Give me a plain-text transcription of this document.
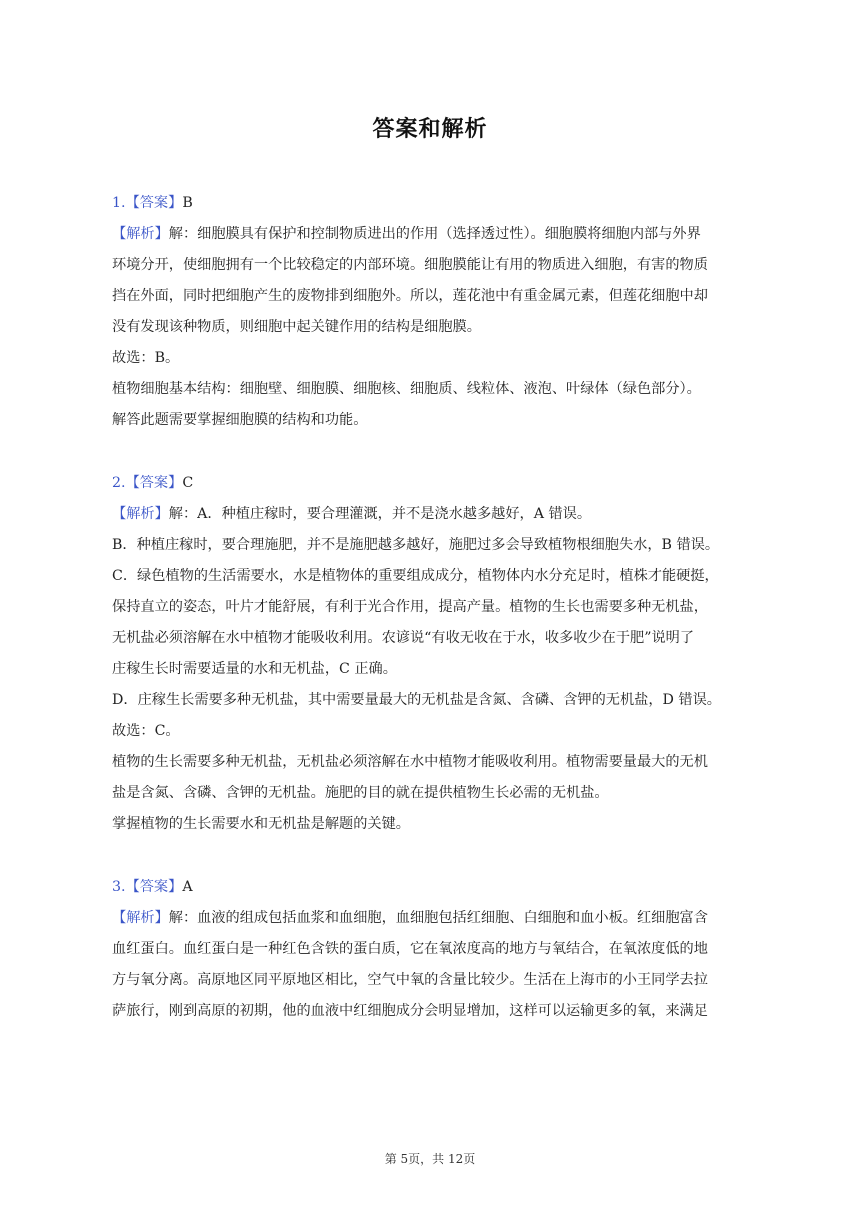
答案和解析

1.【答案】B

【解析】解：细胞膜具有保护和控制物质进出的作用（选择透过性）。细胞膜将细胞内部与外界

环境分开，使细胞拥有一个比较稳定的内部环境。细胞膜能让有用的物质进入细胞，有害的物质

挡在外面，同时把细胞产生的废物排到细胞外。所以，莲花池中有重金属元素，但莲花细胞中却

没有发现该种物质，则细胞中起关键作用的结构是细胞膜。

故选：B。

植物细胞基本结构：细胞壁、细胞膜、细胞核、细胞质、线粒体、液泡、叶绿体（绿色部分）。

解答此题需要掌握细胞膜的结构和功能。

2.【答案】C

【解析】解：A．种植庄稼时，要合理灌溉，并不是浇水越多越好，A 错误。

B．种植庄稼时，要合理施肥，并不是施肥越多越好，施肥过多会导致植物根细胞失水，B 错误。

C．绿色植物的生活需要水，水是植物体的重要组成成分，植物体内水分充足时，植株才能硬挺，

保持直立的姿态，叶片才能舒展，有利于光合作用，提高产量。植物的生长也需要多种无机盐，

无机盐必须溶解在水中植物才能吸收利用。农谚说“有收无收在于水，收多收少在于肥”说明了

庄稼生长时需要适量的水和无机盐，C 正确。

D．庄稼生长需要多种无机盐，其中需要量最大的无机盐是含氮、含磷、含钾的无机盐，D 错误。

故选：C。

植物的生长需要多种无机盐，无机盐必须溶解在水中植物才能吸收利用。植物需要量最大的无机

盐是含氮、含磷、含钾的无机盐。施肥的目的就在提供植物生长必需的无机盐。

掌握植物的生长需要水和无机盐是解题的关键。

3.【答案】A

【解析】解：血液的组成包括血浆和血细胞，血细胞包括红细胞、白细胞和血小板。红细胞富含

血红蛋白。血红蛋白是一种红色含铁的蛋白质，它在氧浓度高的地方与氧结合，在氧浓度低的地

方与氧分离。高原地区同平原地区相比，空气中氧的含量比较少。生活在上海市的小王同学去拉

萨旅行，刚到高原的初期，他的血液中红细胞成分会明显增加，这样可以运输更多的氧，来满足

第 5页，共 12页
